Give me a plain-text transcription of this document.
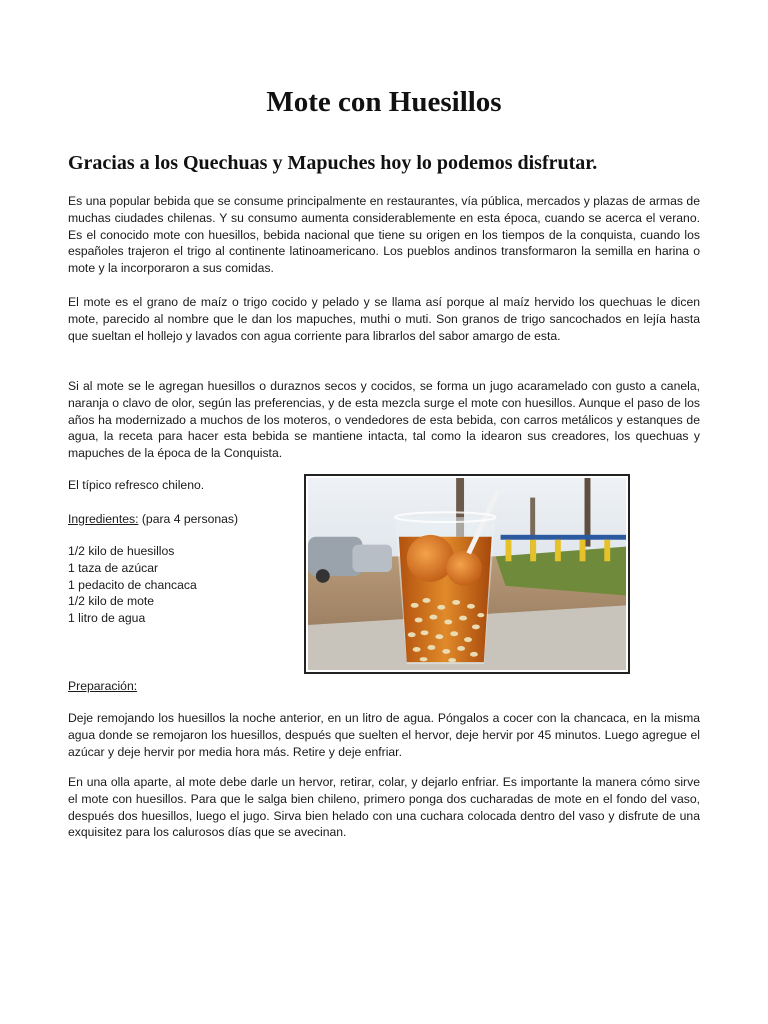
Mote con Huesillos
Gracias a los Quechuas y Mapuches hoy lo podemos disfrutar.

Es una popular bebida que se consume principalmente en restaurantes, vía pública, mercados y plazas de armas de muchas ciudades chilenas. Y su consumo aumenta considerablemente en esta época, cuando se acerca el verano. Es el conocido mote con huesillos, bebida nacional que tiene su origen en los tiempos de la conquista, cuando los españoles trajeron el trigo al continente latinoamericano. Los pueblos andinos transformaron la semilla en harina o mote y la incorporaron a sus comidas.

El mote es el grano de maíz o trigo cocido y pelado y se llama así porque al maíz hervido los quechuas le dicen mote, parecido al nombre que le dan los mapuches, muthi o muti. Son granos de trigo sancochados en lejía hasta que sueltan el hollejo y lavados con agua corriente para librarlos del sabor amargo de esta.

Si al mote se le agregan huesillos o duraznos secos y cocidos, se forma un jugo acaramelado con gusto a canela, naranja o clavo de olor, según las preferencias, y de esta mezcla surge el mote con huesillos. Aunque el paso de los años ha modernizado a muchos de los moteros, o vendedores de esta bebida, con carros metálicos y estanques de agua, la receta para hacer esta bebida se mantiene intacta, tal como la idearon sus creadores, los quechuas y mapuches de la época de la Conquista.

El típico refresco chileno.

Ingredientes: (para 4 personas)

1/2 kilo de huesillos
1 taza de azúcar
1 pedacito de chancaca
1/2 kilo de mote
1 litro de agua

Preparación:

Deje remojando los huesillos la noche anterior, en un litro de agua. Póngalos a cocer con la chancaca, en la misma agua donde se remojaron los huesillos, después que suelten el hervor, deje hervir por 45 minutos. Luego agregue el azúcar y deje hervir por media hora más. Retire y deje enfriar.

En una olla aparte, al mote debe darle un hervor, retirar, colar, y dejarlo enfriar. Es importante la manera cómo sirve el mote con huesillos. Para que le salga bien chileno, primero ponga dos cucharadas de mote en el fondo del vaso, después dos huesillos, luego el jugo. Sirva bien helado con una cuchara colocada dentro del vaso y disfrute de una exquisitez para los calurosos días que se avecinan.
